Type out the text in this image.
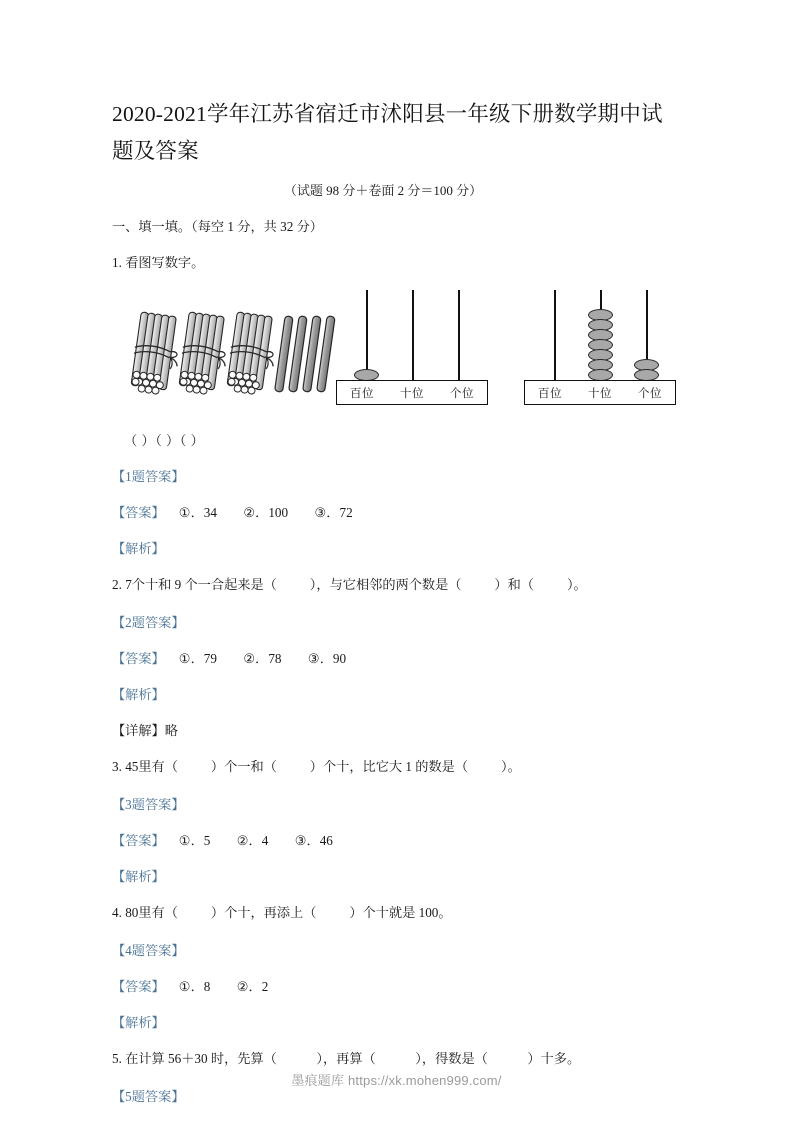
2020-2021学年江苏省宿迁市沭阳县一年级下册数学期中试题及答案
（试题 98 分＋卷面 2 分＝100 分）
一、填一填。（每空 1 分，共 32 分）
1. 看图写数字。
百位 十位 个位	百位 十位 个位
（ ）（ ）（ ）
【1题答案】
【答案】 ①．34　　②．100　　③．72
【解析】
2. 7个十和 9 个一合起来是（          ），与它相邻的两个数是（          ）和（          ）。
【2题答案】
【答案】 ①．79　　②．78　　③．90
【解析】
【详解】略
3. 45里有（          ）个一和（          ）个十，比它大 1 的数是（          ）。
【3题答案】
【答案】 ①．5　　②．4　　③．46
【解析】
4. 80里有（          ）个十，再添上（          ）个十就是 100。
【4题答案】
【答案】 ①．8　　②．2
【解析】
5. 在计算 56＋30 时，先算（            ），再算（            ），得数是（            ）十多。
【5题答案】
墨痕题库 https://xk.mohen999.com/
